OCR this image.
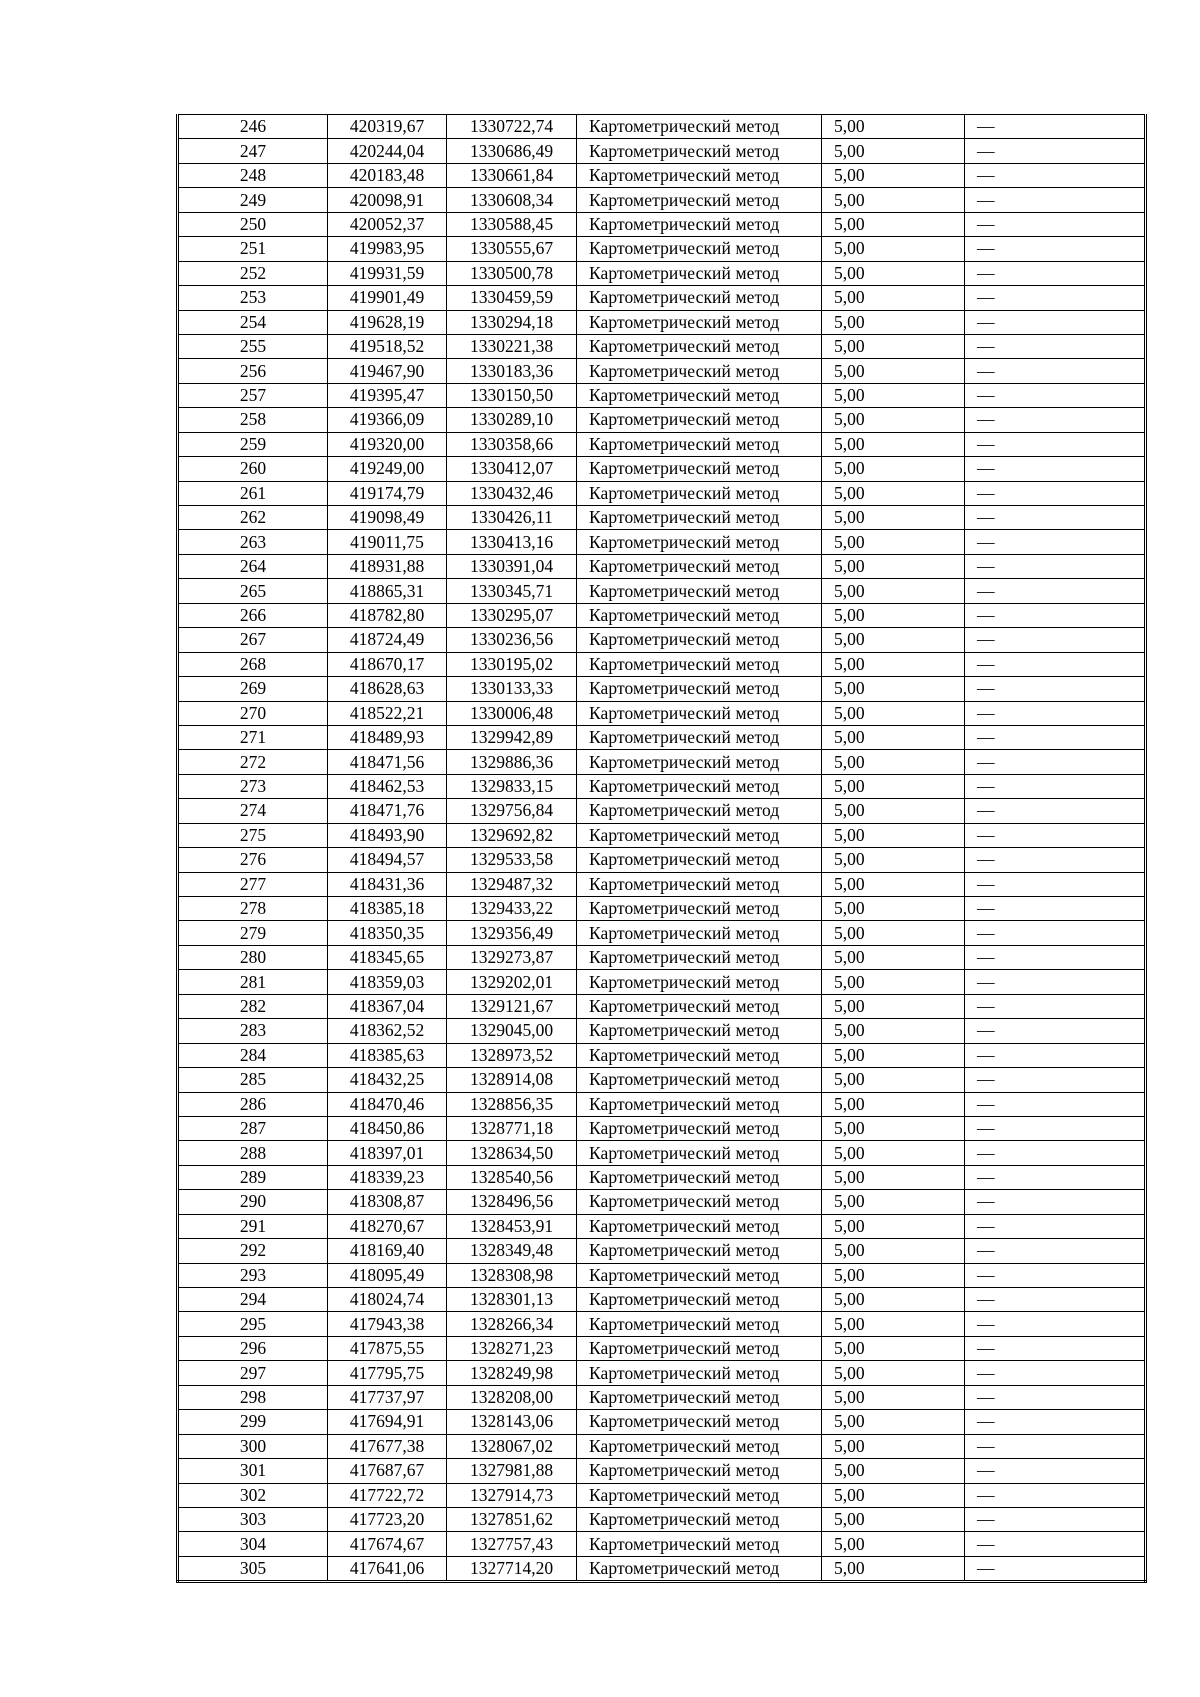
246	420319,67	1330722,74	Картометрический метод	5,00	—
247	420244,04	1330686,49	Картометрический метод	5,00	—
248	420183,48	1330661,84	Картометрический метод	5,00	—
249	420098,91	1330608,34	Картометрический метод	5,00	—
250	420052,37	1330588,45	Картометрический метод	5,00	—
251	419983,95	1330555,67	Картометрический метод	5,00	—
252	419931,59	1330500,78	Картометрический метод	5,00	—
253	419901,49	1330459,59	Картометрический метод	5,00	—
254	419628,19	1330294,18	Картометрический метод	5,00	—
255	419518,52	1330221,38	Картометрический метод	5,00	—
256	419467,90	1330183,36	Картометрический метод	5,00	—
257	419395,47	1330150,50	Картометрический метод	5,00	—
258	419366,09	1330289,10	Картометрический метод	5,00	—
259	419320,00	1330358,66	Картометрический метод	5,00	—
260	419249,00	1330412,07	Картометрический метод	5,00	—
261	419174,79	1330432,46	Картометрический метод	5,00	—
262	419098,49	1330426,11	Картометрический метод	5,00	—
263	419011,75	1330413,16	Картометрический метод	5,00	—
264	418931,88	1330391,04	Картометрический метод	5,00	—
265	418865,31	1330345,71	Картометрический метод	5,00	—
266	418782,80	1330295,07	Картометрический метод	5,00	—
267	418724,49	1330236,56	Картометрический метод	5,00	—
268	418670,17	1330195,02	Картометрический метод	5,00	—
269	418628,63	1330133,33	Картометрический метод	5,00	—
270	418522,21	1330006,48	Картометрический метод	5,00	—
271	418489,93	1329942,89	Картометрический метод	5,00	—
272	418471,56	1329886,36	Картометрический метод	5,00	—
273	418462,53	1329833,15	Картометрический метод	5,00	—
274	418471,76	1329756,84	Картометрический метод	5,00	—
275	418493,90	1329692,82	Картометрический метод	5,00	—
276	418494,57	1329533,58	Картометрический метод	5,00	—
277	418431,36	1329487,32	Картометрический метод	5,00	—
278	418385,18	1329433,22	Картометрический метод	5,00	—
279	418350,35	1329356,49	Картометрический метод	5,00	—
280	418345,65	1329273,87	Картометрический метод	5,00	—
281	418359,03	1329202,01	Картометрический метод	5,00	—
282	418367,04	1329121,67	Картометрический метод	5,00	—
283	418362,52	1329045,00	Картометрический метод	5,00	—
284	418385,63	1328973,52	Картометрический метод	5,00	—
285	418432,25	1328914,08	Картометрический метод	5,00	—
286	418470,46	1328856,35	Картометрический метод	5,00	—
287	418450,86	1328771,18	Картометрический метод	5,00	—
288	418397,01	1328634,50	Картометрический метод	5,00	—
289	418339,23	1328540,56	Картометрический метод	5,00	—
290	418308,87	1328496,56	Картометрический метод	5,00	—
291	418270,67	1328453,91	Картометрический метод	5,00	—
292	418169,40	1328349,48	Картометрический метод	5,00	—
293	418095,49	1328308,98	Картометрический метод	5,00	—
294	418024,74	1328301,13	Картометрический метод	5,00	—
295	417943,38	1328266,34	Картометрический метод	5,00	—
296	417875,55	1328271,23	Картометрический метод	5,00	—
297	417795,75	1328249,98	Картометрический метод	5,00	—
298	417737,97	1328208,00	Картометрический метод	5,00	—
299	417694,91	1328143,06	Картометрический метод	5,00	—
300	417677,38	1328067,02	Картометрический метод	5,00	—
301	417687,67	1327981,88	Картометрический метод	5,00	—
302	417722,72	1327914,73	Картометрический метод	5,00	—
303	417723,20	1327851,62	Картометрический метод	5,00	—
304	417674,67	1327757,43	Картометрический метод	5,00	—
305	417641,06	1327714,20	Картометрический метод	5,00	—
